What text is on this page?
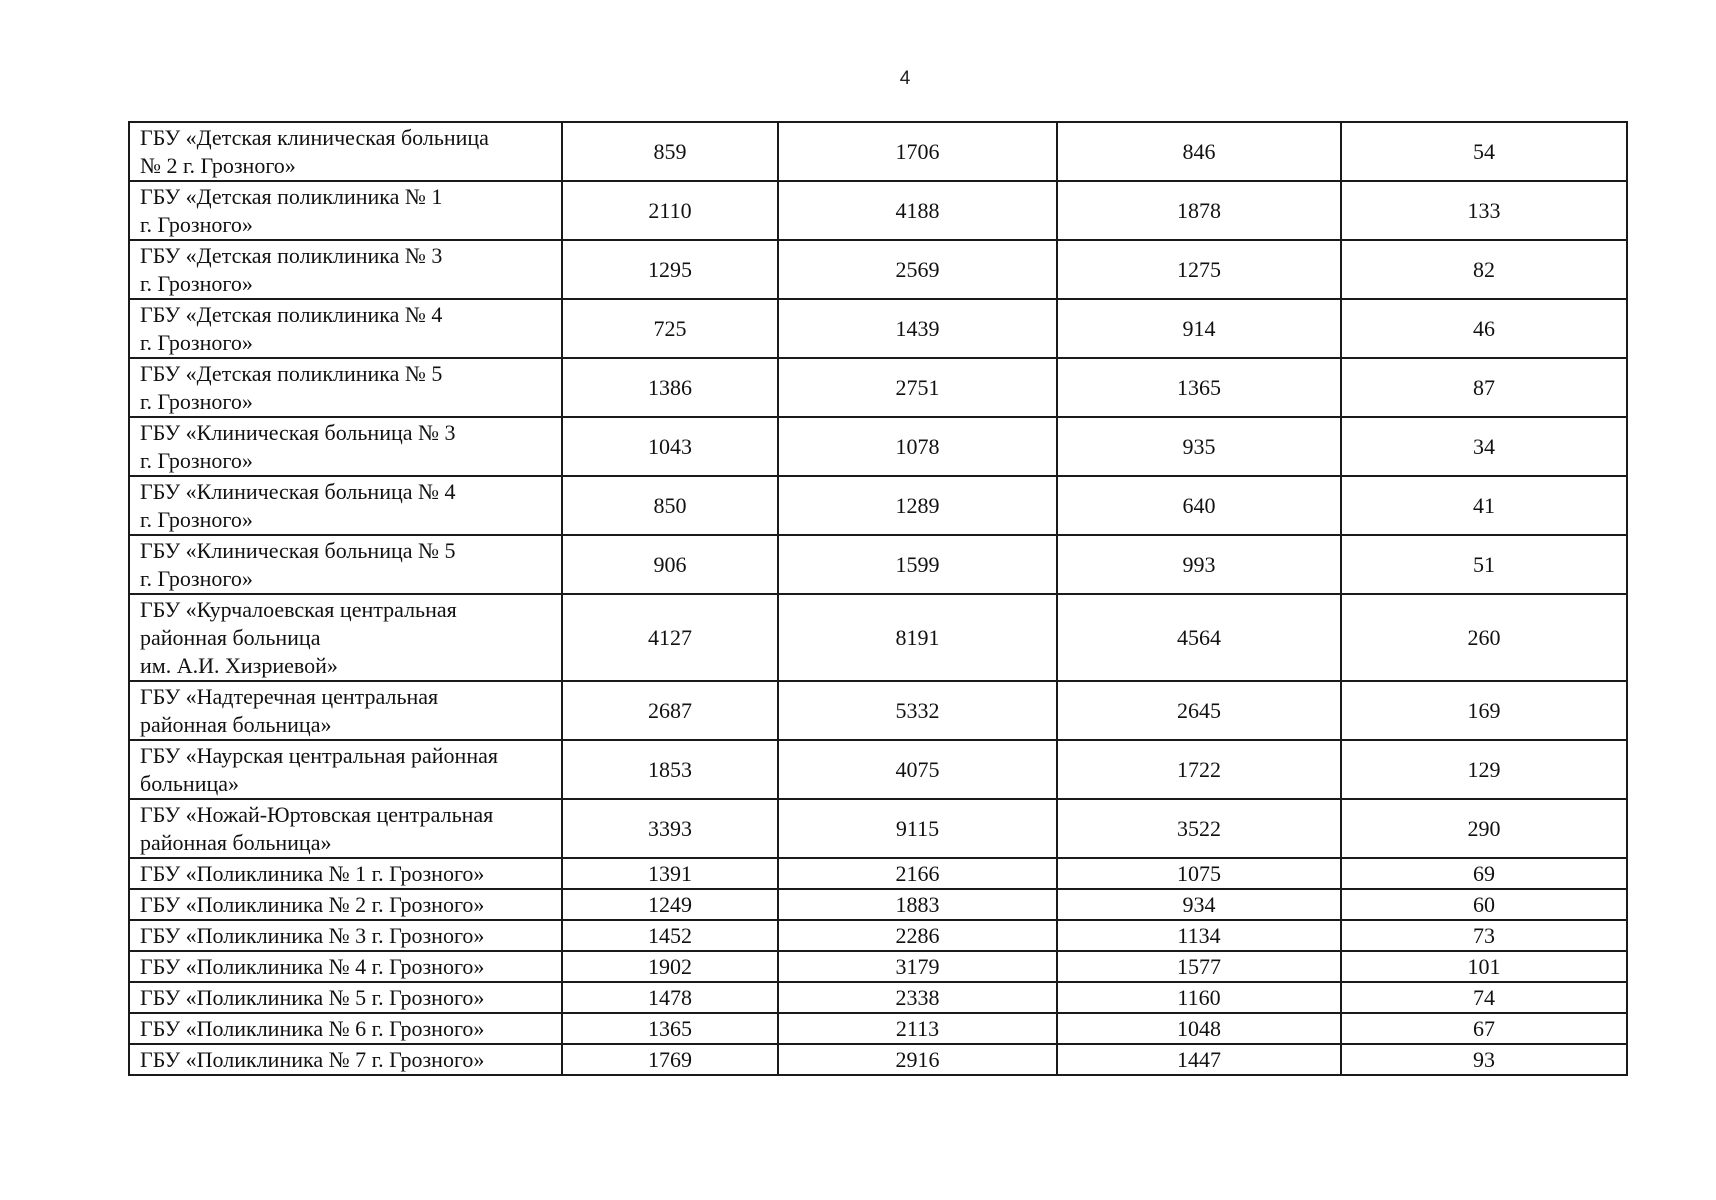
4
ГБУ «Детская клиническая больница
№ 2 г. Грозного»	859	1706	846	54
ГБУ «Детская поликлиника № 1
г. Грозного»	2110	4188	1878	133
ГБУ «Детская поликлиника № 3
г. Грозного»	1295	2569	1275	82
ГБУ «Детская поликлиника № 4
г. Грозного»	725	1439	914	46
ГБУ «Детская поликлиника № 5
г. Грозного»	1386	2751	1365	87
ГБУ «Клиническая больница № 3
г. Грозного»	1043	1078	935	34
ГБУ «Клиническая больница № 4
г. Грозного»	850	1289	640	41
ГБУ «Клиническая больница № 5
г. Грозного»	906	1599	993	51
ГБУ «Курчалоевская центральная
районная больница
им. А.И. Хизриевой»	4127	8191	4564	260
ГБУ «Надтеречная центральная
районная больница»	2687	5332	2645	169
ГБУ «Наурская центральная районная
больница»	1853	4075	1722	129
ГБУ «Ножай-Юртовская центральная
районная больница»	3393	9115	3522	290
ГБУ «Поликлиника № 1 г. Грозного»	1391	2166	1075	69
ГБУ «Поликлиника № 2 г. Грозного»	1249	1883	934	60
ГБУ «Поликлиника № 3 г. Грозного»	1452	2286	1134	73
ГБУ «Поликлиника № 4 г. Грозного»	1902	3179	1577	101
ГБУ «Поликлиника № 5 г. Грозного»	1478	2338	1160	74
ГБУ «Поликлиника № 6 г. Грозного»	1365	2113	1048	67
ГБУ «Поликлиника № 7 г. Грозного»	1769	2916	1447	93
